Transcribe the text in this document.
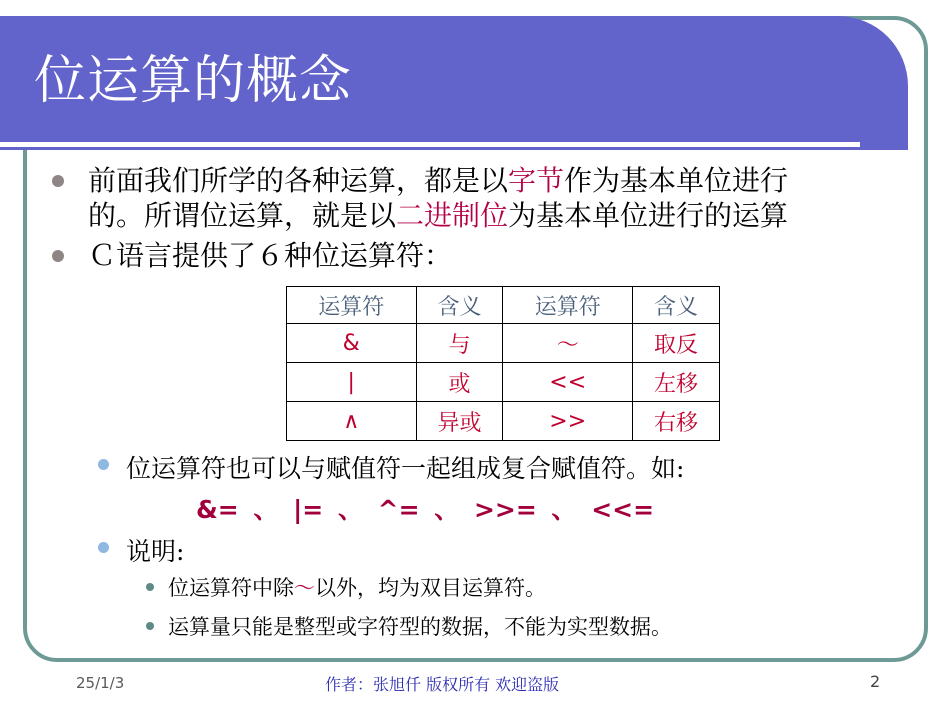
位运算的概念
前面我们所学的各种运算，都是以字节作为基本单位进行
的。所谓位运算，就是以二进制位为基本单位进行的运算
Ｃ语言提供了６种位运算符：
运算符	含义	运算符	含义
&	与	～	取反
|	或	<<	左移
∧	异或	>>	右移
位运算符也可以与赋值符一起组成复合赋值符。如:
&= 、 |= 、 ^= 、 >>= 、 <<=
说明:
位运算符中除～以外，均为双目运算符。
运算量只能是整型或字符型的数据，不能为实型数据。
25/1/3	作者：张旭仟 版权所有 欢迎盗版	2
